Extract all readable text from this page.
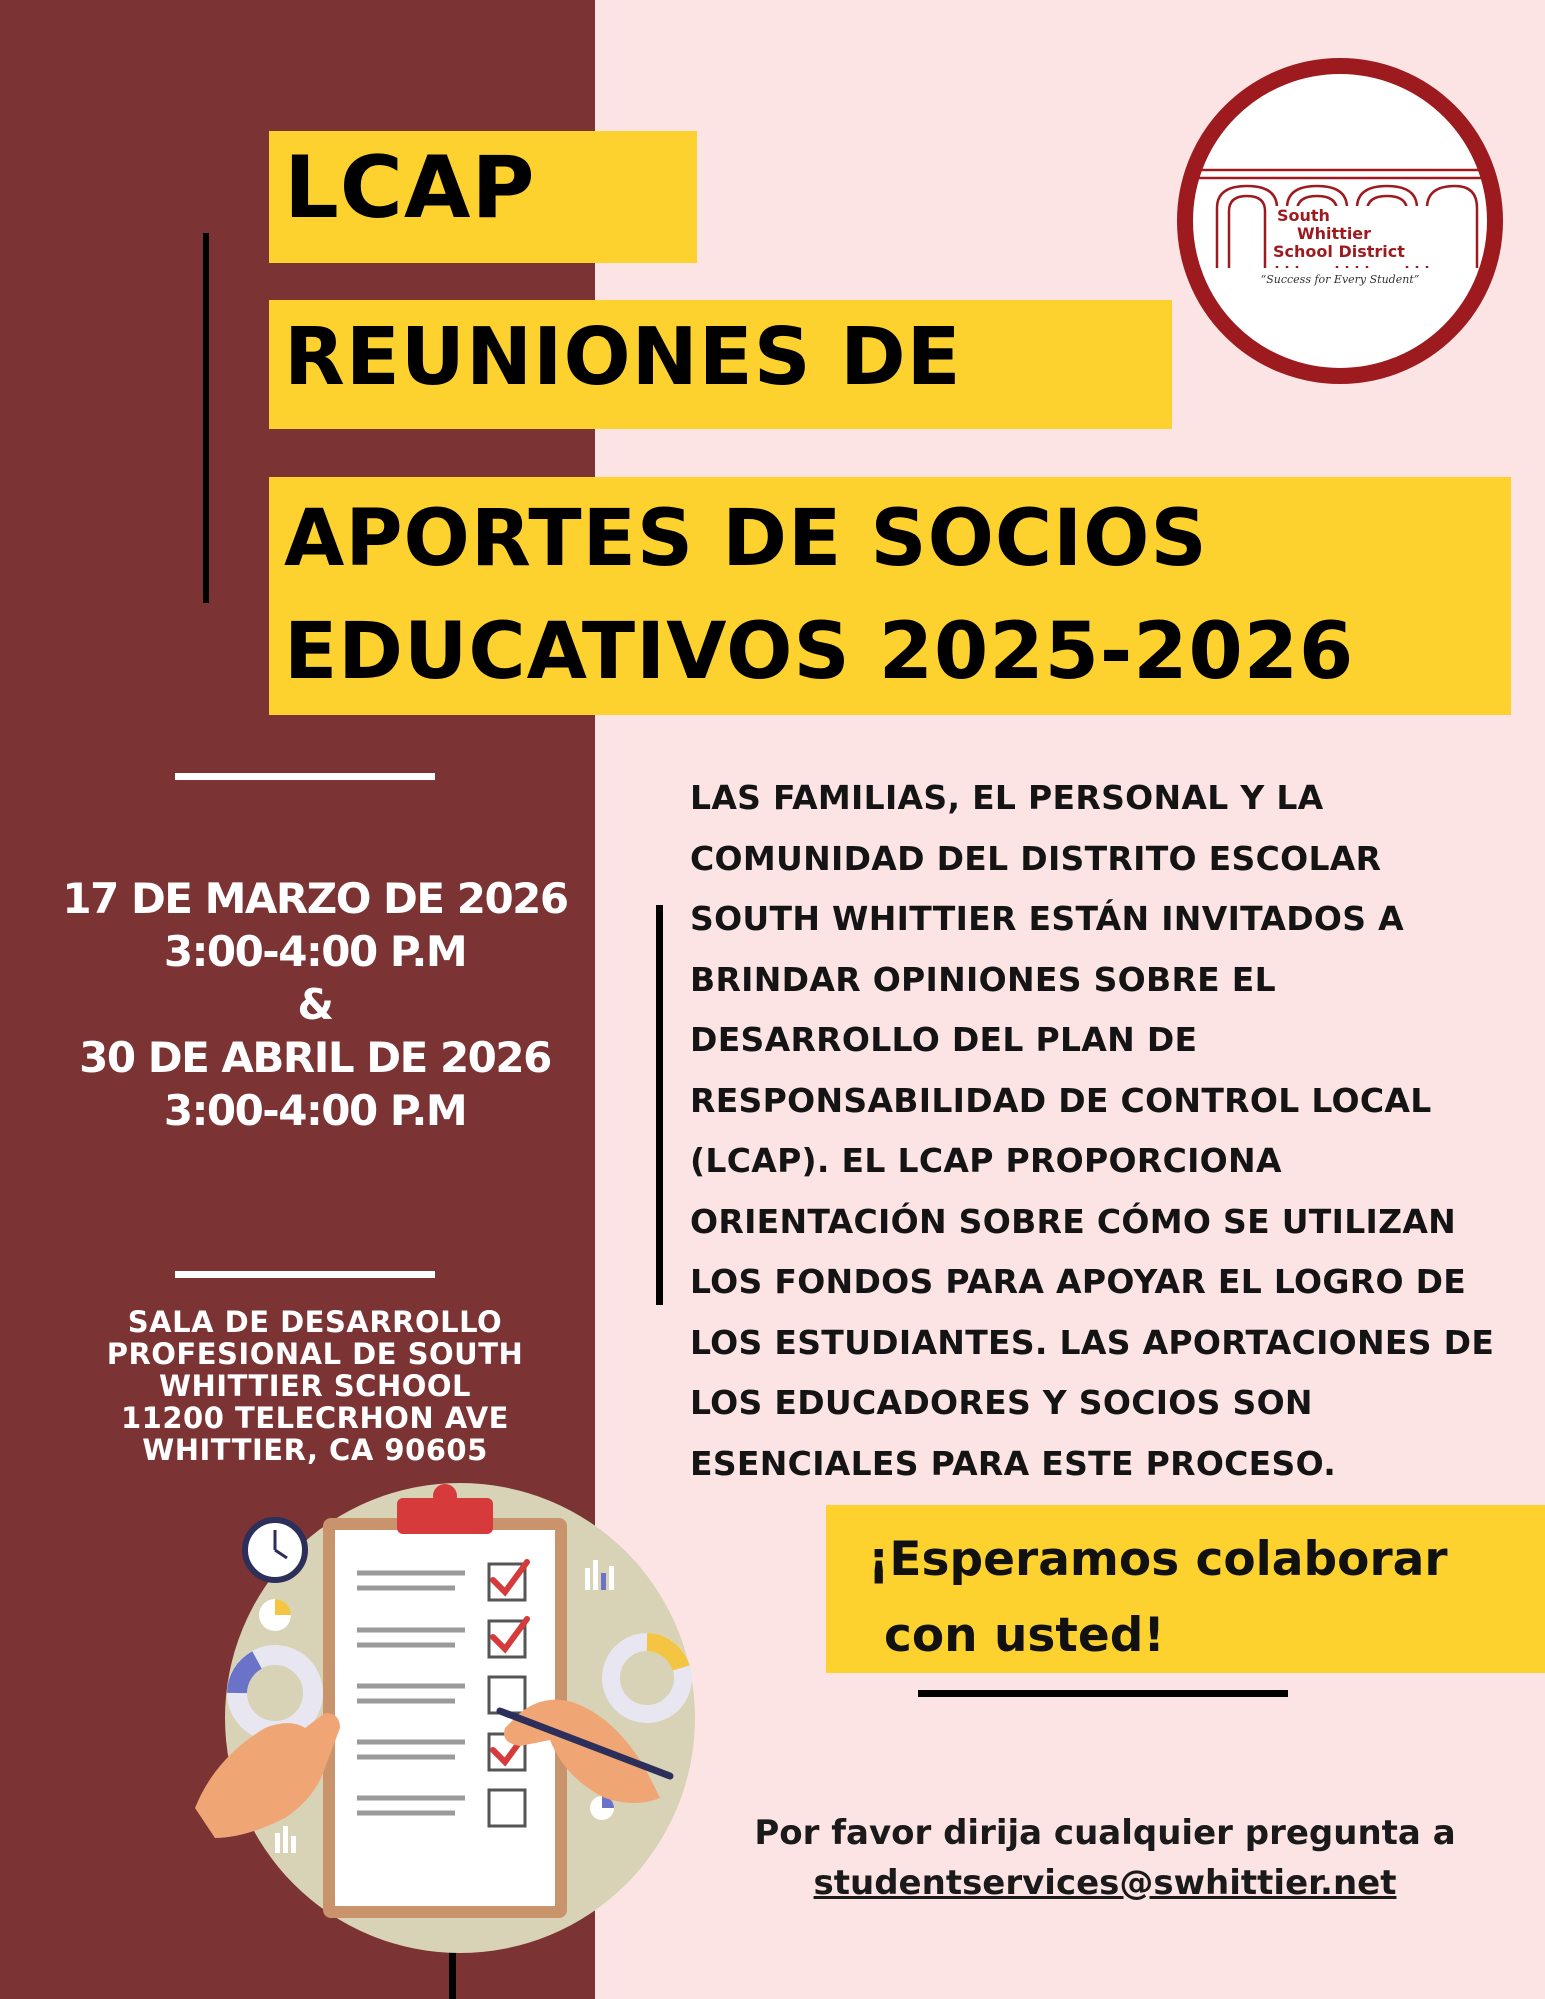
LCAP
REUNIONES DE
APORTES DE SOCIOS
EDUCATIVOS 2025-2026
South
Whittier
School District
“Success for Every Student”
17 DE MARZO DE 2026
3:00-4:00 P.M
&
30 DE ABRIL DE 2026
3:00-4:00 P.M
SALA DE DESARROLLO
PROFESIONAL DE SOUTH
WHITTIER SCHOOL
11200 TELECRHON AVE
WHITTIER, CA 90605
LAS FAMILIAS, EL PERSONAL Y LA
COMUNIDAD DEL DISTRITO ESCOLAR
SOUTH WHITTIER ESTÁN INVITADOS A
BRINDAR OPINIONES SOBRE EL
DESARROLLO DEL PLAN DE
RESPONSABILIDAD DE CONTROL LOCAL
(LCAP). EL LCAP PROPORCIONA
ORIENTACIÓN SOBRE CÓMO SE UTILIZAN
LOS FONDOS PARA APOYAR EL LOGRO DE
LOS ESTUDIANTES. LAS APORTACIONES DE
LOS EDUCADORES Y SOCIOS SON
ESENCIALES PARA ESTE PROCESO.
¡Esperamos colaborar
con usted!
Por favor dirija cualquier pregunta a
studentservices@swhittier.net
